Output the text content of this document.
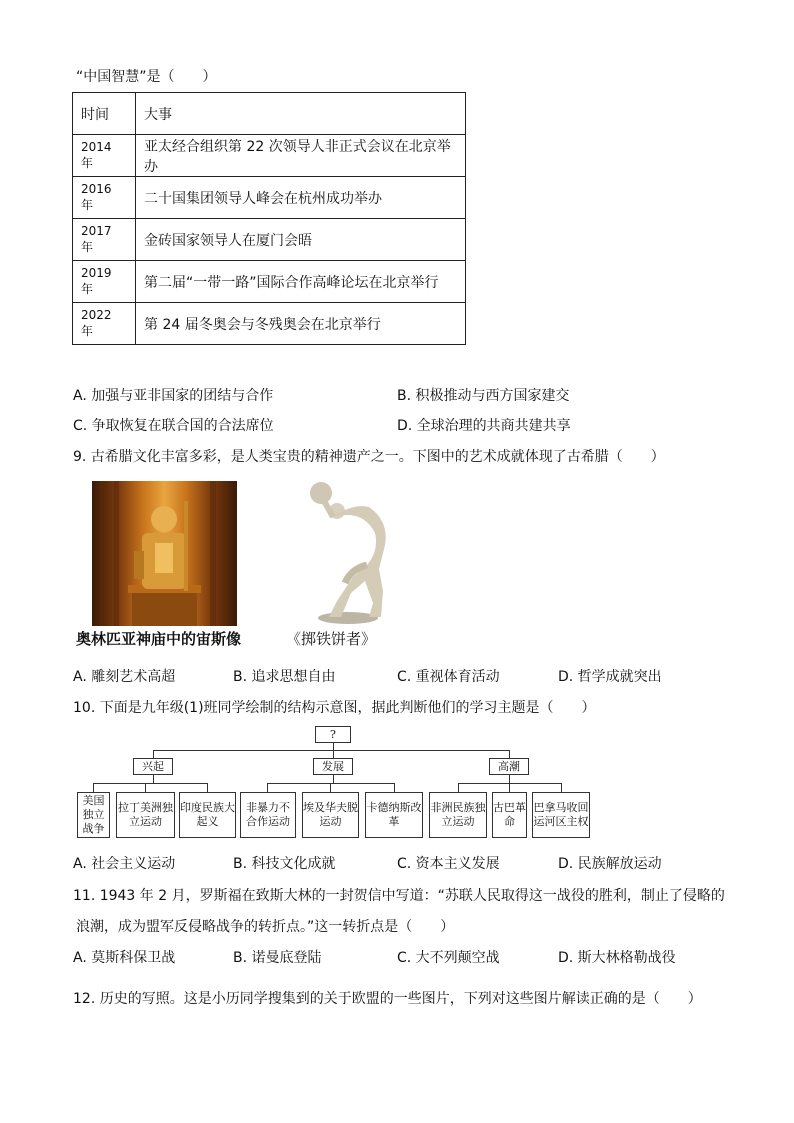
“中国智慧”是（　　）
时间	大事
2014 年	亚太经合组织第 22 次领导人非正式会议在北京举办
2016 年	二十国集团领导人峰会在杭州成功举办
2017 年	金砖国家领导人在厦门会晤
2019 年	第二届“一带一路”国际合作高峰论坛在北京举行
2022 年	第 24 届冬奥会与冬残奥会在北京举行
A. 加强与亚非国家的团结与合作	B. 积极推动与西方国家建交
C. 争取恢复在联合国的合法席位	D. 全球治理的共商共建共享
9. 古希腊文化丰富多彩，是人类宝贵的精神遗产之一。下图中的艺术成就体现了古希腊（　　）
奥林匹亚神庙中的宙斯像	《掷铁饼者》
A. 雕刻艺术高超	B. 追求思想自由	C. 重视体育活动	D. 哲学成就突出
10. 下面是九年级(1)班同学绘制的结构示意图，据此判断他们的学习主题是（　　）
?
兴起	发展	高潮
美国独立战争
拉丁美洲独立运动
印度民族大起义
非暴力不合作运动
埃及华夫脱运动
卡德纳斯改革
非洲民族独立运动
古巴革命
巴拿马收回运河区主权
A. 社会主义运动	B. 科技文化成就	C. 资本主义发展	D. 民族解放运动
11. 1943 年 2 月，罗斯福在致斯大林的一封贺信中写道：“苏联人民取得这一战役的胜利，制止了侵略的
浪潮，成为盟军反侵略战争的转折点。”这一转折点是（　　）
A. 莫斯科保卫战	B. 诺曼底登陆	C. 大不列颠空战	D. 斯大林格勒战役
12. 历史的写照。这是小历同学搜集到的关于欧盟的一些图片，下列对这些图片解读正确的是（　　）
